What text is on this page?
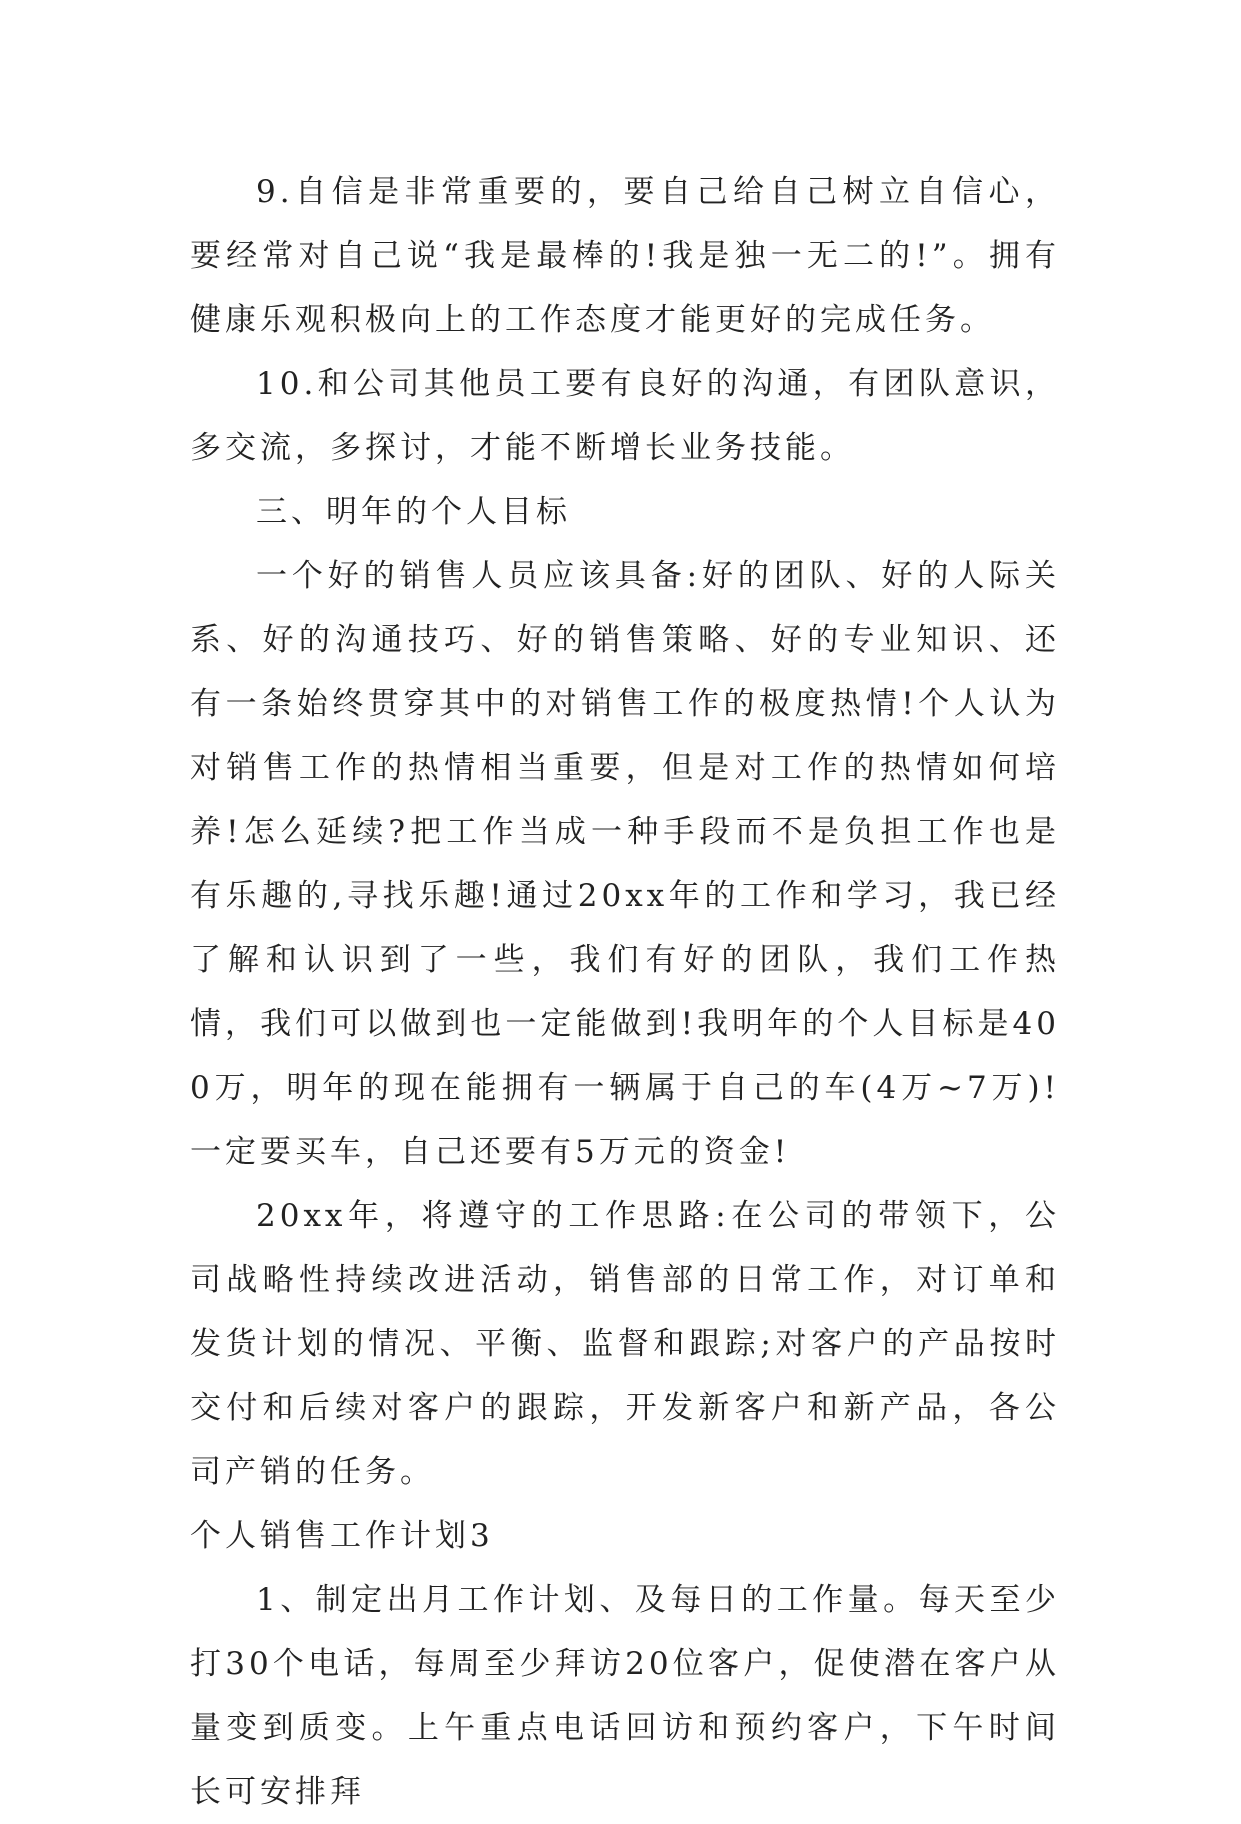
9.自信是非常重要的，要自己给自己树立自信心，要经常对自己说“我是最棒的!我是独一无二的!”。拥有健康乐观积极向上的工作态度才能更好的完成任务。

10.和公司其他员工要有良好的沟通，有团队意识，多交流，多探讨，才能不断增长业务技能。

三、明年的个人目标

一个好的销售人员应该具备:好的团队、好的人际关系、好的沟通技巧、好的销售策略、好的专业知识、还有一条始终贯穿其中的对销售工作的极度热情!个人认为对销售工作的热情相当重要，但是对工作的热情如何培养!怎么延续?把工作当成一种手段而不是负担工作也是有乐趣的,寻找乐趣!通过20xx年的工作和学习，我已经了解和认识到了一些，我们有好的团队，我们工作热情，我们可以做到也一定能做到!我明年的个人目标是400万，明年的现在能拥有一辆属于自己的车(4万~7万)!一定要买车，自己还要有5万元的资金!

20xx年，将遵守的工作思路:在公司的带领下，公司战略性持续改进活动，销售部的日常工作，对订单和发货计划的情况、平衡、监督和跟踪;对客户的产品按时交付和后续对客户的跟踪，开发新客户和新产品，各公司产销的任务。

个人销售工作计划3

1、制定出月工作计划、及每日的工作量。每天至少打30个电话，每周至少拜访20位客户，促使潜在客户从量变到质变。上午重点电话回访和预约客户，下午时间长可安排拜
